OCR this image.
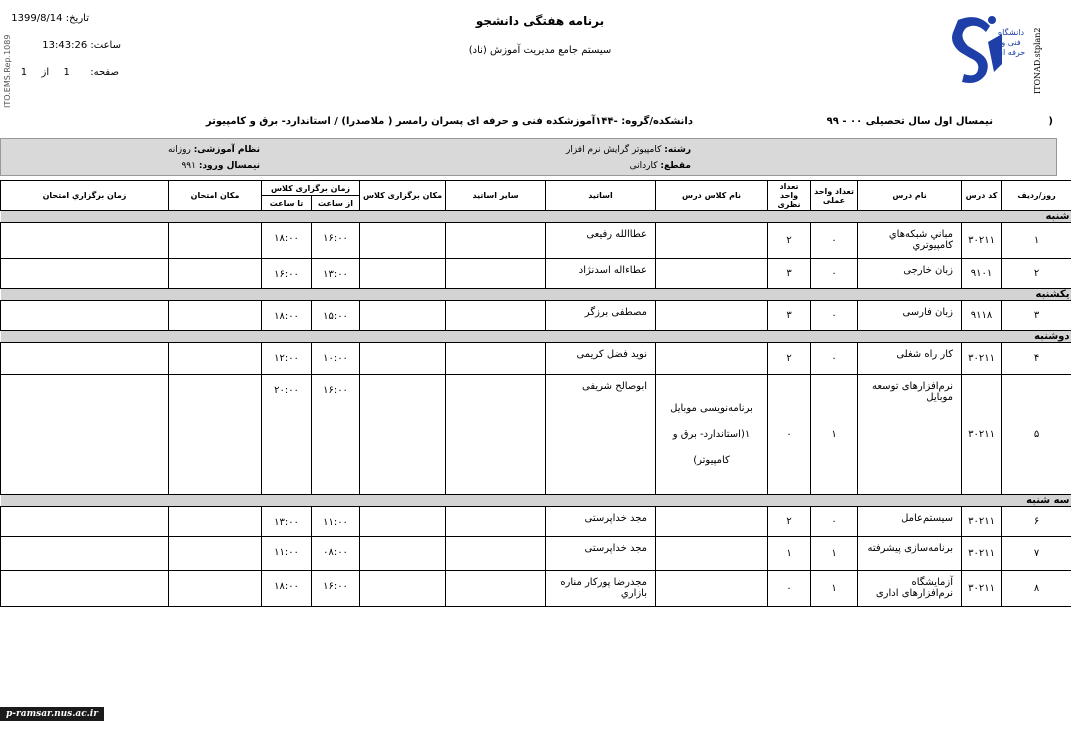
ITO.EMS.Rep.1089
تاریخ: 1399/8/14
ساعت: 13:43:26
صفحه:  1  از  1
برنامه هفتگی دانشجو
سیستم جامع مدیریت آموزش (ناد)
دانشگاه فنی و حرفه ای ITONAD.stplan2
(
نیمسال اول سال تحصیلی ۰۰ - ۹۹
دانشکده/گروه: -۱۴۴آموزشکده فنی و حرفه ای پسران رامسر ( ملاصدرا) / استاندارد- برق و کامپیوتر
رشته: کامپیوتر گرایش نرم افزار
مقطع: کاردانی
نظام آموزشی: روزانه
نیمسال ورود: ۹۹۱
روز/ردیف	کد درس	نام درس	تعداد واحد عملی	تعداد واحد نظری	نام کلاس درس	اساتید	سایر اساتید	مکان برگزاری کلاس	زمان برگزاری کلاس		مکان امتحان	زمان برگزاري امتحان
									از ساعت	تا ساعت		
شنبه												
۱	۳۰۲۱۱	مباني شبكه‌هاي كامپيوتري	۰	۲		عطاالله رفیعی			۱۶:۰۰	۱۸:۰۰		
۲	۹۱۰۱	زبان خارجی	۰	۳		عطاءاله اسدنژاد			۱۳:۰۰	۱۶:۰۰		
یکشنبه												
۳	۹۱۱۸	زبان فارسی	۰	۳		مصطفی برزگر			۱۵:۰۰	۱۸:۰۰		
دوشنبه												
۴	۳۰۲۱۱	کار راه شغلی	۰	۲		نوید فضل کریمی			۱۰:۰۰	۱۲:۰۰		
۵	۳۰۲۱۱	نرم‌افزارهای توسعه موبایل	۱	۰	برنامه‌نویسی موبایل ۱(استاندارد- برق و کامپیوتر)	ابوصالح شریفی			۱۶:۰۰	۲۰:۰۰		
سه شنبه												
۶	۳۰۲۱۱	سیستم‌عامل	۰	۲		مجد خداپرستی			۱۱:۰۰	۱۳:۰۰		
۷	۳۰۲۱۱	برنامه‌سازی پیشرفته	۱	۱		مجد خداپرستی			۰۸:۰۰	۱۱:۰۰		
۸	۳۰۲۱۱	آزمایشگاه نرم‌افزارهای اداری	۱	۰		مجدرضا پورکار مناره بازاري			۱۶:۰۰	۱۸:۰۰		
p-ramsar.nus.ac.ir
